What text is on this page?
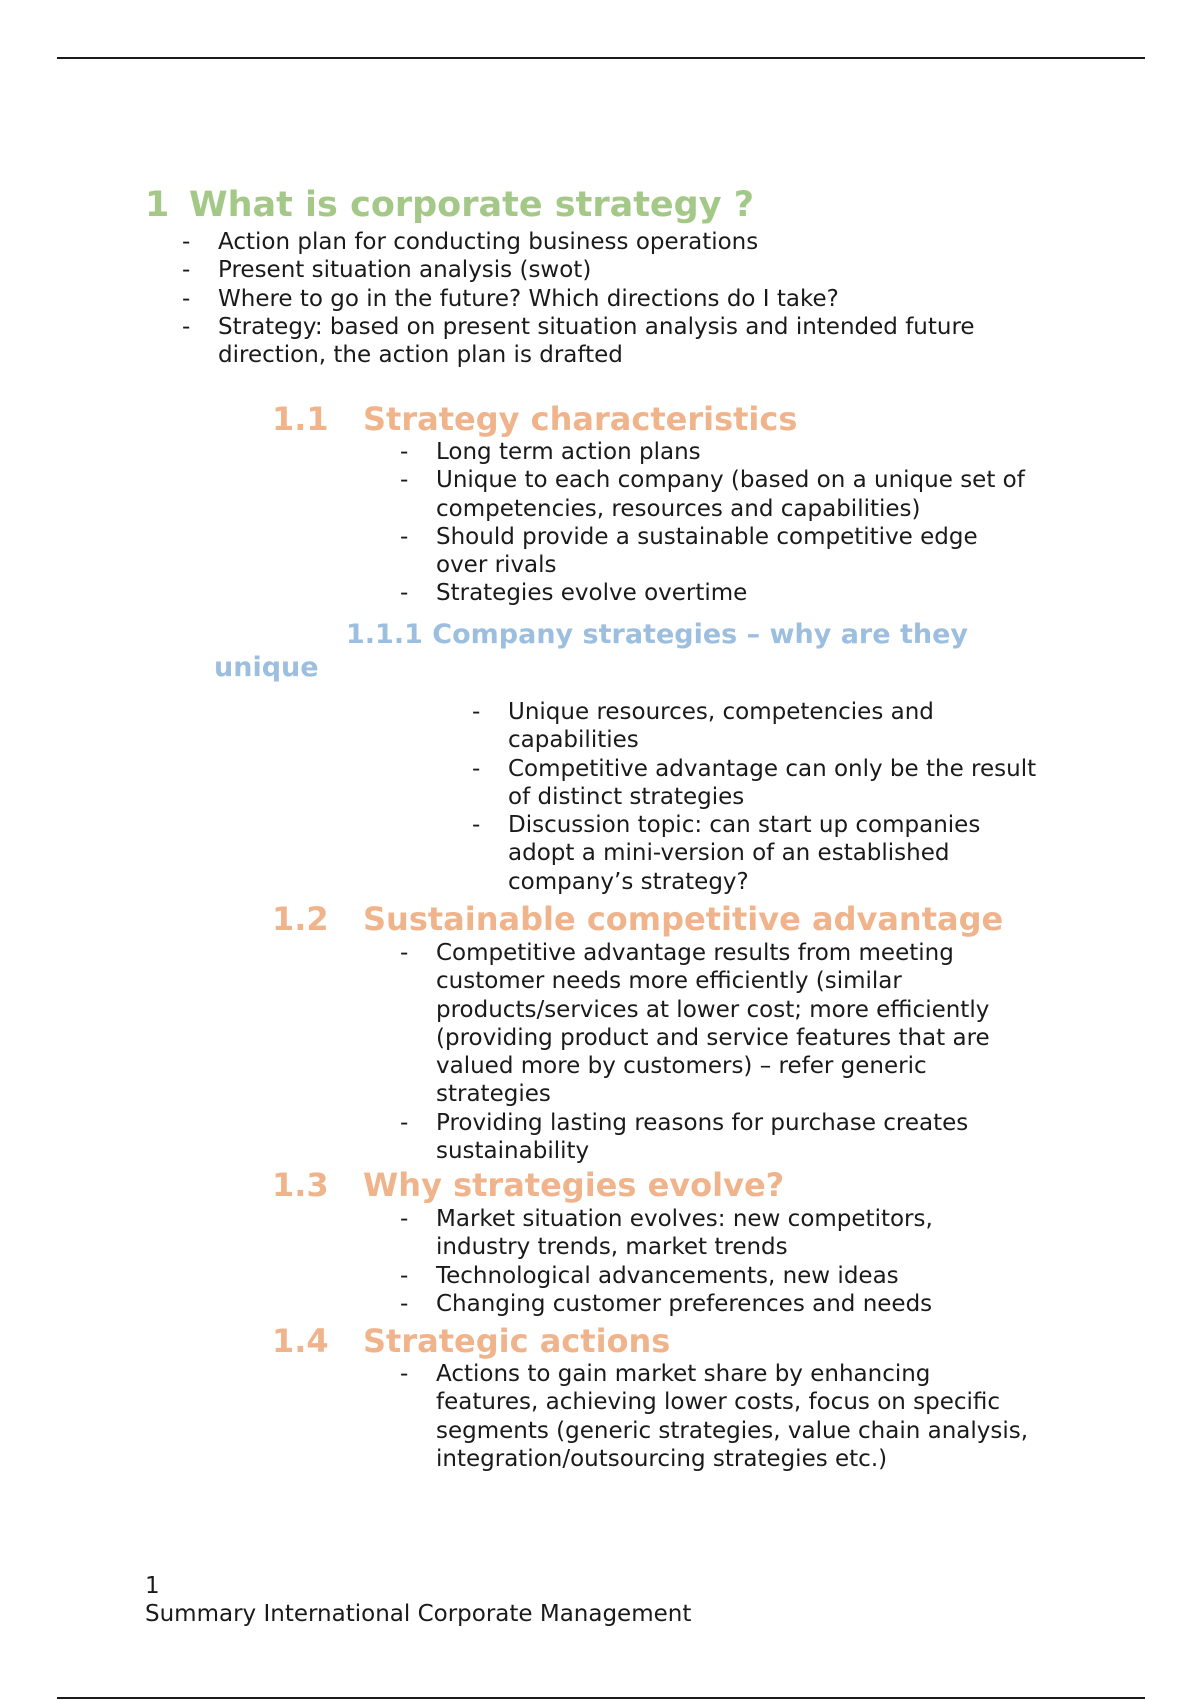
1 What is corporate strategy ?
- Action plan for conducting business operations
- Present situation analysis (swot)
- Where to go in the future? Which directions do I take?
- Strategy: based on present situation analysis and intended future direction, the action plan is drafted
1.1 Strategy characteristics
- Long term action plans
- Unique to each company (based on a unique set of competencies, resources and capabilities)
- Should provide a sustainable competitive edge over rivals
- Strategies evolve overtime
1.1.1 Company strategies – why are they
unique
- Unique resources, competencies and capabilities
- Competitive advantage can only be the result of distinct strategies
- Discussion topic: can start up companies adopt a mini-version of an established company’s strategy?
1.2 Sustainable competitive advantage
- Competitive advantage results from meeting customer needs more efficiently (similar products/services at lower cost; more efficiently (providing product and service features that are valued more by customers) – refer generic strategies
- Providing lasting reasons for purchase creates sustainability
1.3 Why strategies evolve?
- Market situation evolves: new competitors, industry trends, market trends
- Technological advancements, new ideas
- Changing customer preferences and needs
1.4 Strategic actions
- Actions to gain market share by enhancing features, achieving lower costs, focus on specific segments (generic strategies, value chain analysis, integration/outsourcing strategies etc.)
1
Summary International Corporate Management
